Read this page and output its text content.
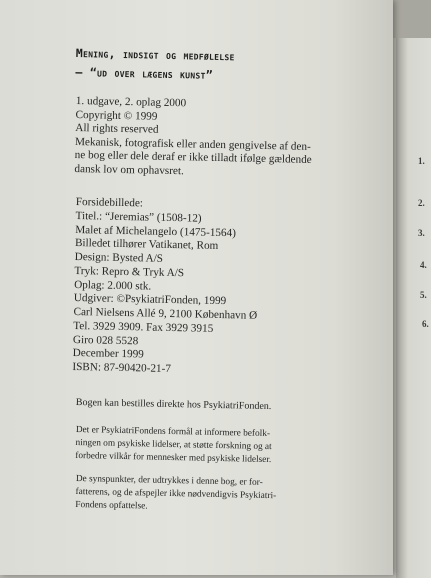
1.
2.
3.
4.
5.
6.
Mening, indsigt og medfølelse
– “ud over lægens kunst”
1. udgave, 2. oplag 2000
Copyright © 1999
All rights reserved
Mekanisk, fotografisk eller anden gengivelse af den-
ne bog eller dele deraf er ikke tilladt ifølge gældende
dansk lov om ophavsret.
Forsidebillede:
Titel.: “Jeremias” (1508-12)
Malet af Michelangelo (1475-1564)
Billedet tilhører Vatikanet, Rom
Design: Bysted A/S
Tryk: Repro & Tryk A/S
Oplag: 2.000 stk.
Udgiver: ©PsykiatriFonden, 1999
Carl Nielsens Allé 9, 2100 København Ø
Tel. 3929 3909. Fax 3929 3915
Giro 028 5528
December 1999
ISBN: 87-90420-21-7
Bogen kan bestilles direkte hos PsykiatriFonden.
Det er PsykiatriFondens formål at informere befolk-
ningen om psykiske lidelser, at støtte forskning og at
forbedre vilkår for mennesker med psykiske lidelser.
De synspunkter, der udtrykkes i denne bog, er for-
fatterens, og de afspejler ikke nødvendigvis Psykiatri-
Fondens opfattelse.
